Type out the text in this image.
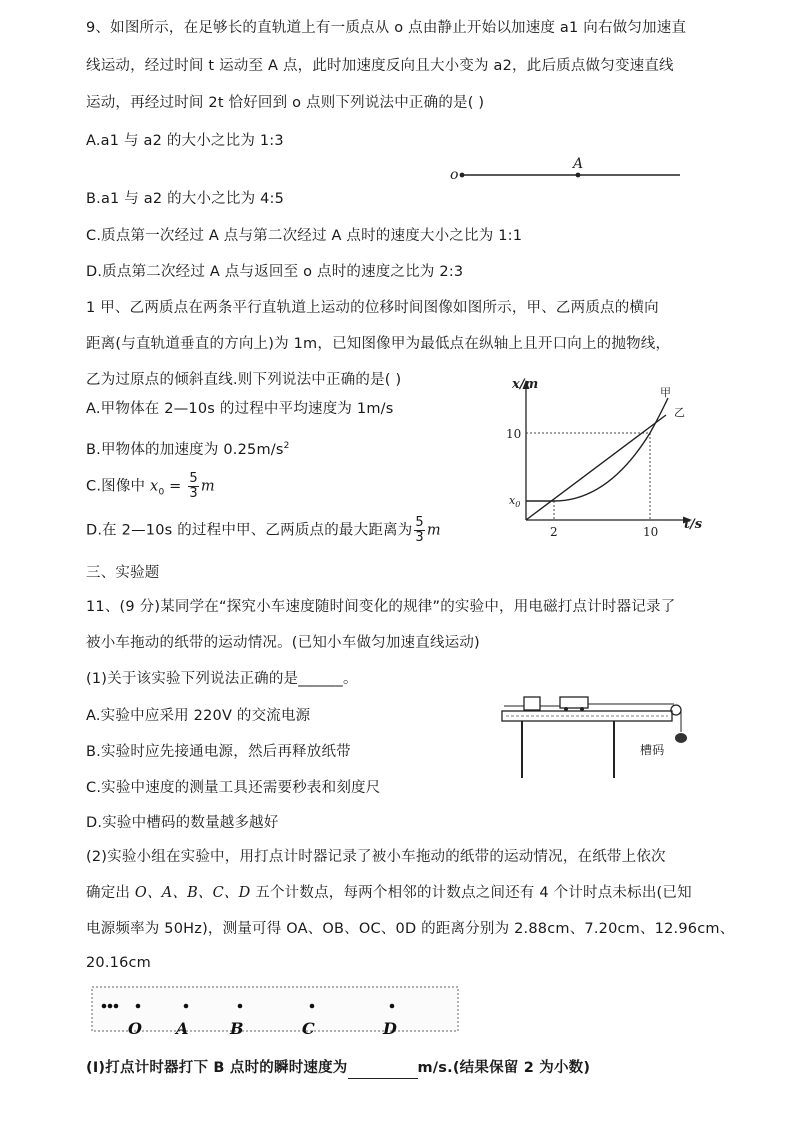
9、如图所示，在足够长的直轨道上有一质点从 o 点由静止开始以加速度 a1 向右做匀加速直
线运动，经过时间 t 运动至 A 点，此时加速度反向且大小变为 a2，此后质点做匀变速直线
运动，再经过时间 2t 恰好回到 o 点则下列说法中正确的是( )
A.a1 与 a2 的大小之比为 1:3
B.a1 与 a2 的大小之比为 4:5
C.质点第一次经过 A 点与第二次经过 A 点时的速度大小之比为 1:1
D.质点第二次经过 A 点与返回至 o 点时的速度之比为 2:3
o
A
1 甲、乙两质点在两条平行直轨道上运动的位移时间图像如图所示，甲、乙两质点的横向
距离(与直轨道垂直的方向上)为 1m，已知图像甲为最低点在纵轴上且开口向上的抛物线，
乙为过原点的倾斜直线.则下列说法中正确的是( )
A.甲物体在 2—10s 的过程中平均速度为 1m/s
B.甲物体的加速度为 $0.25m/s^2$
C.图像中 $x_0 = \frac{5}{3}$ m
D.在 2—10s 的过程中甲、乙两质点的最大距离为 $\frac{5}{3}$ m
x/m
t/s
10
$x_0$
2	10
甲
乙
三、实验题
11、(9 分)某同学在“探究小车速度随时间变化的规律”的实验中，用电磁打点计时器记录了
被小车拖动的纸带的运动情况。(已知小车做匀加速直线运动)
(1)关于该实验下列说法正确的是______。
A.实验中应采用 220V 的交流电源
B.实验时应先接通电源，然后再释放纸带
C.实验中速度的测量工具还需要秒表和刻度尺
D.实验中槽码的数量越多越好
槽码
(2)实验小组在实验中，用打点计时器记录了被小车拖动的纸带的运动情况，在纸带上依次
确定出 O、A、B、C、D 五个计数点，每两个相邻的计数点之间还有 4 个计时点未标出(已知
电源频率为 50Hz)，测量可得 OA、OB、OC、0D 的距离分别为 2.88cm、7.20cm、12.96cm、
20.16cm
O A	B	C	D
(Ⅰ)打点计时器打下 B 点时的瞬时速度为	m/s.(结果保留 2 为小数)
